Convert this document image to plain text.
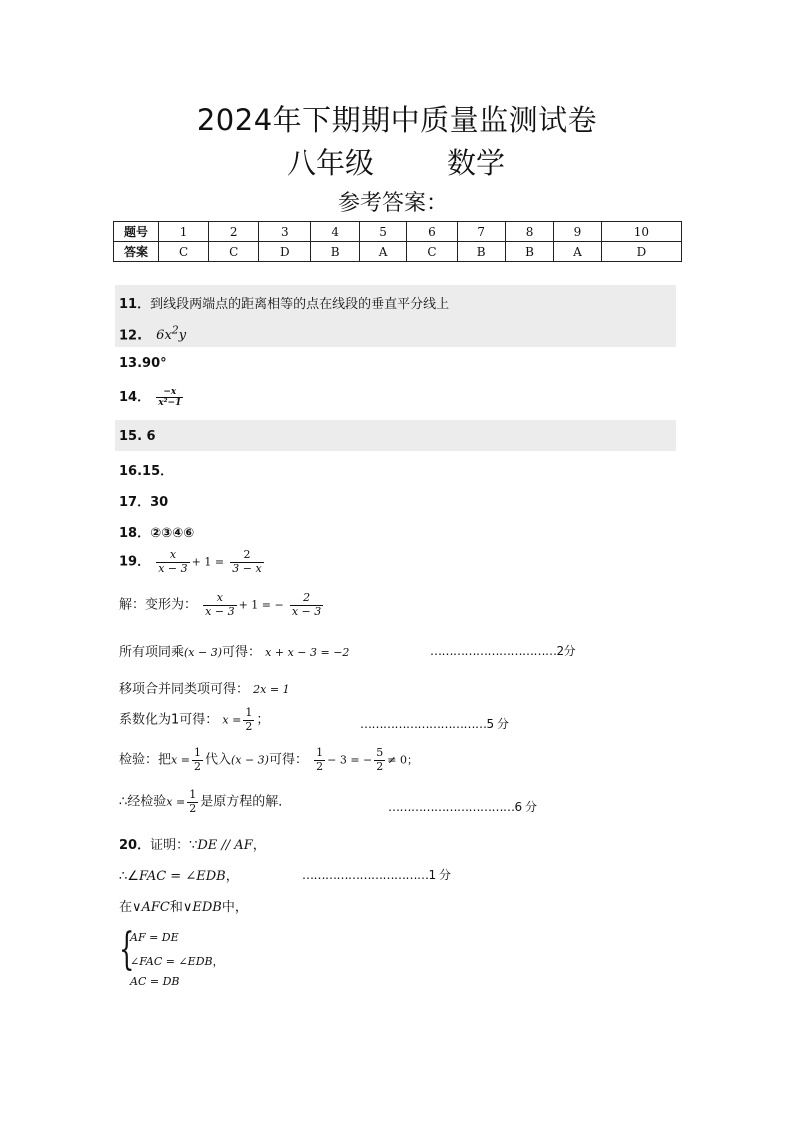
2024年下期期中质量监测试卷
八年级	数学
参考答案：
题号	1	2	3	4	5	6	7	8	9	10
答案	C	C	D	B	A	C	B	B	A	D
11．到线段两端点的距离相等的点在线段的垂直平分线上
12. $6x^2y$
13.90°
14． $\frac{-x}{\text{x²−1}}$
15. 6
16.15．
17．30
18．②③④⑥
19． $\frac{x}{x - 3} + 1 = \frac{2}{3 - x}$
解：变形为： $\frac{x}{x - 3} + 1$ = − $\frac{2}{x - 3}$
所有项同乘(x − 3)可得： x + x − 3 = −2	……………………………2分
移项合并同类项可得： 2x = 1
系数化为1可得： $x = \frac{1}{2}$ ；	……………………………5 分
检验：把$x = \frac{1}{2}$ 代入(x − 3)可得： $\frac{1}{2} - 3$ = − $\frac{5}{2} \ne 0$；
∴经检验$x = \frac{1}{2}$ 是原方程的解．	……………………………6 分
20．证明：∵DE // AF，
∴∠FAC = ∠EDB，	……………………………1 分
在∨AFC和∨EDB中，
{
AF = DE
∠FAC = ∠EDB，
AC = DB
